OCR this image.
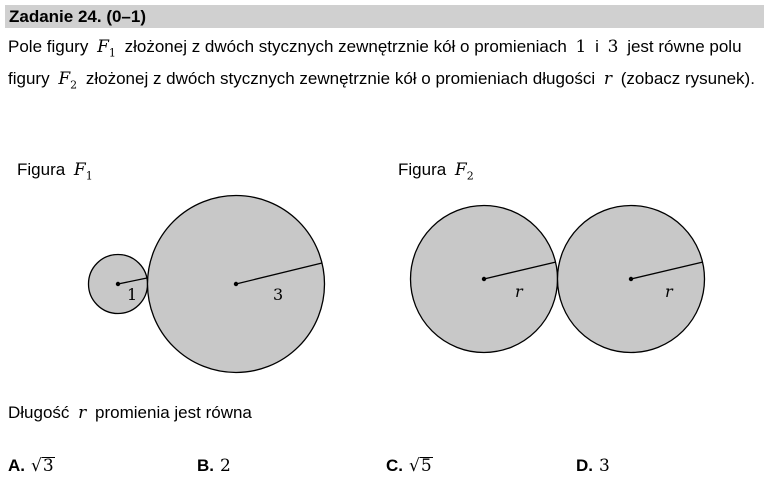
Zadanie 24. (0–1)
Pole figury $F_1$ złożonej z dwóch stycznych zewnętrznie kół o promieniach 1 i 3 jest równe polu figury $F_2$ złożonej z dwóch stycznych zewnętrznie kół o promieniach długości r (zobacz rysunek).
Figura $F_1$	Figura $F_2$
1	3	r	r
Długość r promienia jest równa
A. √3	B. 2	C. √5	D. 3
